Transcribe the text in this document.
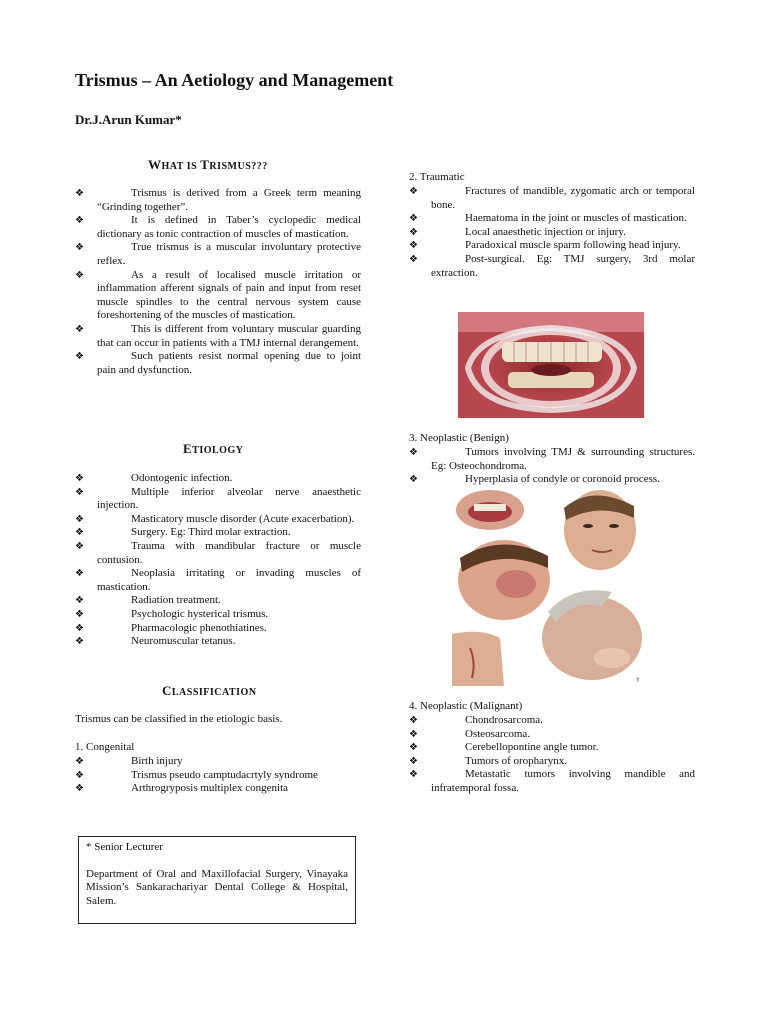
Trismus – An Aetiology and Management
Dr.J.Arun Kumar*
WHAT IS TRISMUS???
❖ Trismus is derived from a Greek term meaning “Grinding together”.
❖ It is defined in Taber’s cyclopedic medical dictionary as tonic contraction of muscles of mastication.
❖ True trismus is a muscular involuntary protective reflex.
❖ As a result of localised muscle irritation or inflammation afferent signals of pain and input from reset muscle spindles to the central nervous system cause foreshortening of the muscles of mastication.
❖ This is different from voluntary muscular guarding that can occur in patients with a TMJ internal derangement.
❖ Such patients resist normal opening due to joint pain and dysfunction.
ETIOLOGY
❖ Odontogenic infection.
❖ Multiple inferior alveolar nerve anaesthetic injection.
❖ Masticatory muscle disorder (Acute exacerbation).
❖ Surgery. Eg: Third molar extraction.
❖ Trauma with mandibular fracture or muscle contusion.
❖ Neoplasia irritating or invading muscles of mastication.
❖ Radiation treatment.
❖ Psychologic hysterical trismus.
❖ Pharmacologic phenothiatines.
❖ Neuromuscular tetanus.
CLASSIFICATION
Trismus can be classified in the etiologic basis.
1. Congenital
❖ Birth injury
❖ Trismus pseudo camptudacrtyly syndrome
❖ Arthrogryposis multiplex congenita

* Senior Lecturer

Department of Oral and Maxillofacial Surgery, Vinayaka Mission’s Sankarachariyar Dental College & Hospital, Salem.

2. Traumatic
❖ Fractures of mandible, zygomatic arch or temporal bone.
❖ Haematoma in the joint or muscles of mastication.
❖ Local anaesthetic injection or injury.
❖ Paradoxical muscle sparm following head injury.
❖ Post-surgical. Eg: TMJ surgery, 3rd molar extraction.
3. Neoplastic (Benign)
❖ Tumors involving TMJ & surrounding structures. Eg: Osteochondroma.
❖ Hyperplasia of condyle or coronoid process.
⚕
4. Neoplastic (Malignant)
❖ Chondrosarcoma.
❖ Osteosarcoma.
❖ Cerebellopontine angle tumor.
❖ Tumors of oropharynx.
❖ Metastatic tumors involving mandible and infratemporal fossa.
